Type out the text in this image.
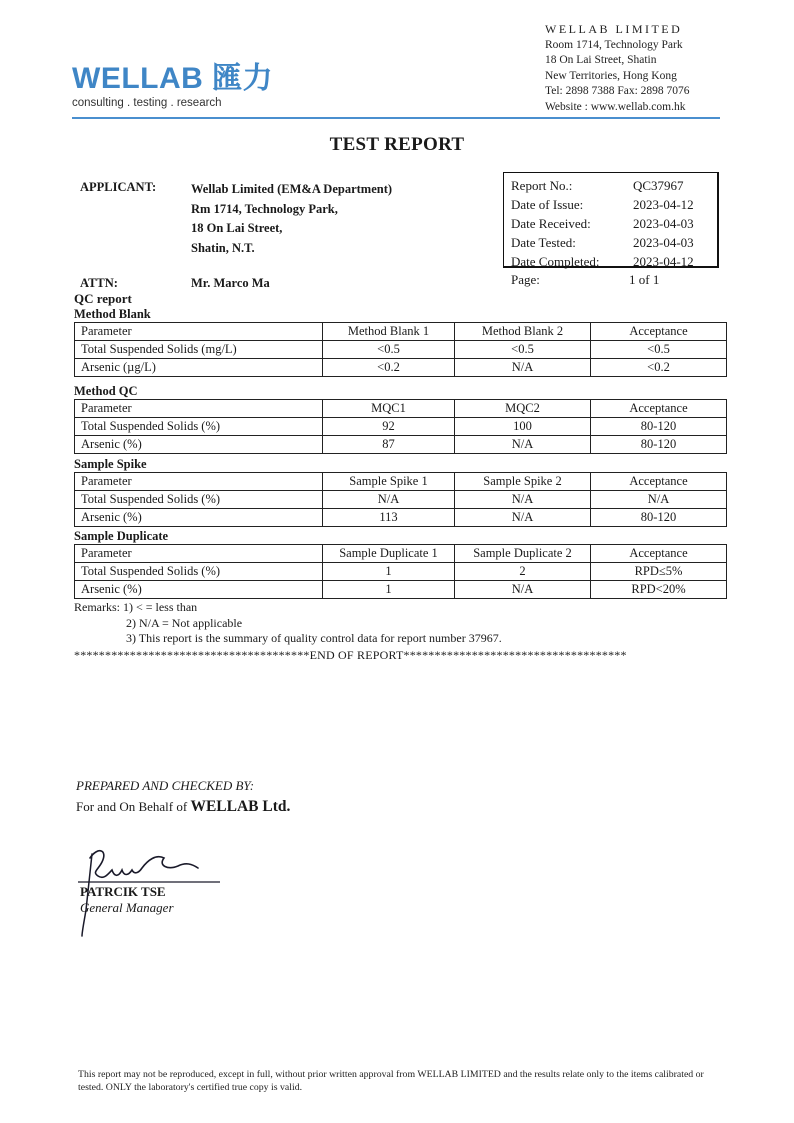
WELLAB 匯力
consulting . testing . research
WELLAB LIMITED
Room 1714, Technology Park
18 On Lai Street, Shatin
New Territories, Hong Kong
Tel: 2898 7388 Fax: 2898 7076
Website : www.wellab.com.hk
TEST REPORT
APPLICANT:	Wellab Limited (EM&A Department)
Rm 1714, Technology Park,
18 On Lai Street,
Shatin, N.T.
Report No.:	QC37967
Date of Issue:	2023-04-12
Date Received:	2023-04-03
Date Tested:	2023-04-03
Date Completed:	2023-04-12
Page:	1 of 1
ATTN:	Mr. Marco Ma
QC report
Method Blank
Parameter	Method Blank 1	Method Blank 2	Acceptance
Total Suspended Solids (mg/L)	<0.5	<0.5	<0.5
Arsenic (µg/L)	<0.2	N/A	<0.2
Method QC
Parameter	MQC1	MQC2	Acceptance
Total Suspended Solids (%)	92	100	80-120
Arsenic (%)	87	N/A	80-120
Sample Spike
Parameter	Sample Spike 1	Sample Spike 2	Acceptance
Total Suspended Solids (%)	N/A	N/A	N/A
Arsenic (%)	113	N/A	80-120
Sample Duplicate
Parameter	Sample Duplicate 1	Sample Duplicate 2	Acceptance
Total Suspended Solids (%)	1	2	RPD≤5%
Arsenic (%)	1	N/A	RPD<20%
Remarks: 1) < = less than
2) N/A = Not applicable
3) This report is the summary of quality control data for report number 37967.
**************************************END OF REPORT************************************
PREPARED AND CHECKED BY:
For and On Behalf of WELLAB Ltd.
PATRCIK TSE
General Manager
This report may not be reproduced, except in full, without prior written approval from WELLAB LIMITED and the results relate only to the items calibrated or tested. ONLY the laboratory's certified true copy is valid.
